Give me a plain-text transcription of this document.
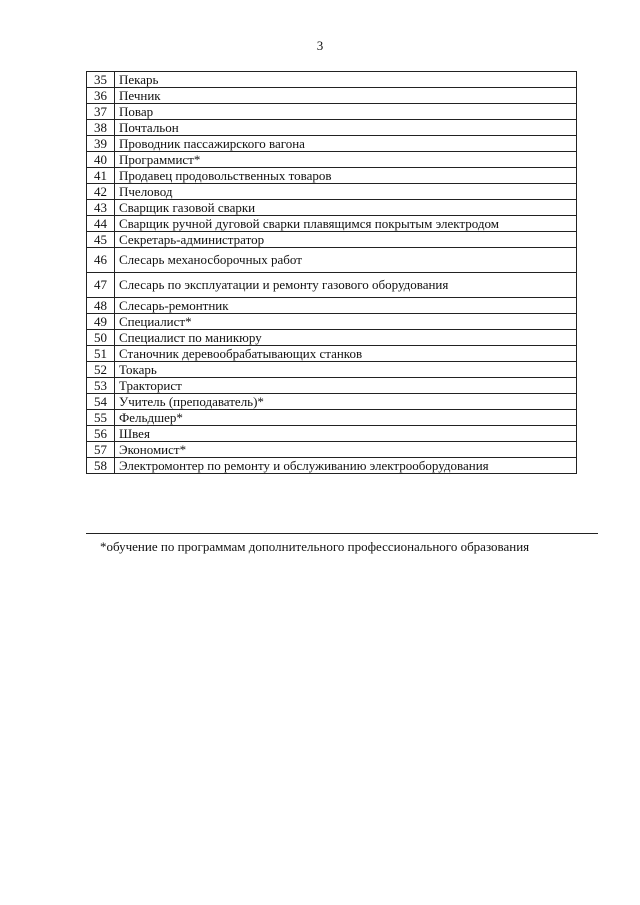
3
35	Пекарь
36	Печник
37	Повар
38	Почтальон
39	Проводник пассажирского вагона
40	Программист*
41	Продавец продовольственных товаров
42	Пчеловод
43	Сварщик газовой сварки
44	Сварщик ручной дуговой сварки плавящимся покрытым электродом
45	Секретарь-администратор
46	Слесарь механосборочных работ
47	Слесарь по эксплуатации и ремонту газового оборудования
48	Слесарь-ремонтник
49	Специалист*
50	Специалист по маникюру
51	Станочник деревообрабатывающих станков
52	Токарь
53	Тракторист
54	Учитель (преподаватель)*
55	Фельдшер*
56	Швея
57	Экономист*
58	Электромонтер по ремонту и обслуживанию электрооборудования
*обучение по программам дополнительного профессионального образования
